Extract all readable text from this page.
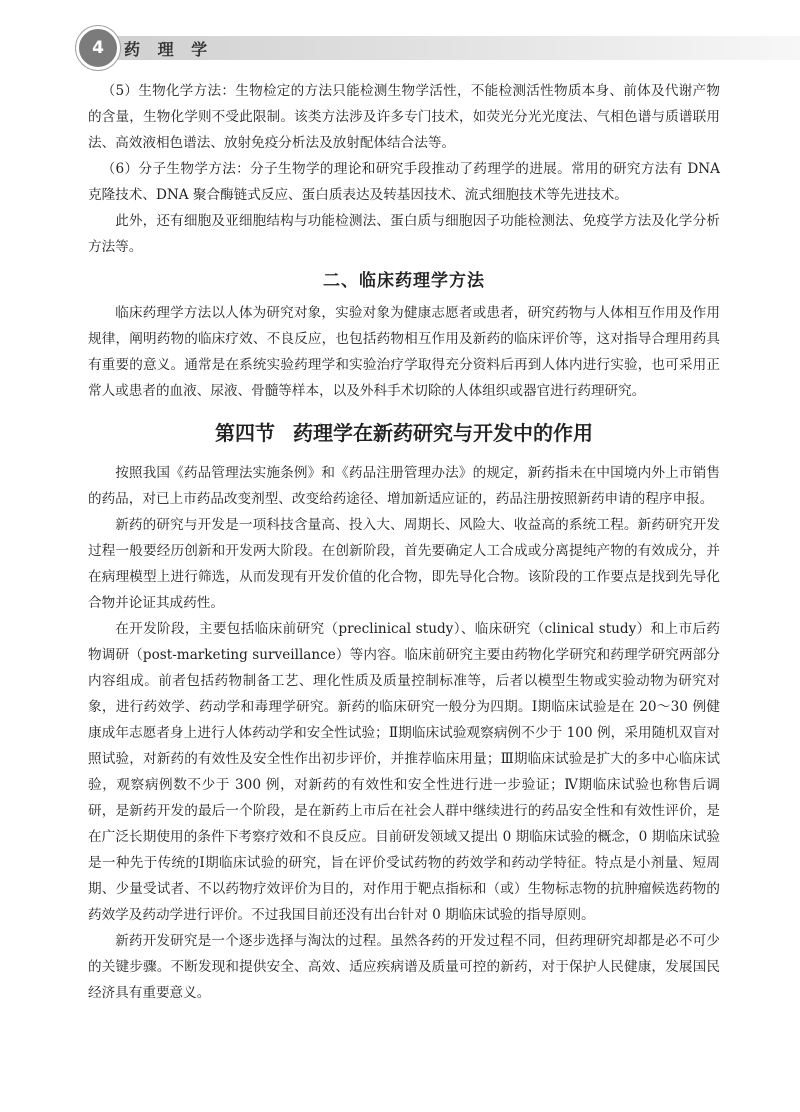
4	药 理 学

（5）生物化学方法：生物检定的方法只能检测生物学活性，不能检测活性物质本身、前体及代谢产物的含量，生物化学则不受此限制。该类方法涉及许多专门技术，如荧光分光光度法、气相色谱与质谱联用法、高效液相色谱法、放射免疫分析法及放射配体结合法等。

（6）分子生物学方法：分子生物学的理论和研究手段推动了药理学的进展。常用的研究方法有 DNA 克隆技术、DNA 聚合酶链式反应、蛋白质表达及转基因技术、流式细胞技术等先进技术。

此外，还有细胞及亚细胞结构与功能检测法、蛋白质与细胞因子功能检测法、免疫学方法及化学分析方法等。

二、临床药理学方法

临床药理学方法以人体为研究对象，实验对象为健康志愿者或患者，研究药物与人体相互作用及作用规律，阐明药物的临床疗效、不良反应，也包括药物相互作用及新药的临床评价等，这对指导合理用药具有重要的意义。通常是在系统实验药理学和实验治疗学取得充分资料后再到人体内进行实验，也可采用正常人或患者的血液、尿液、骨髓等样本，以及外科手术切除的人体组织或器官进行药理研究。

第四节 药理学在新药研究与开发中的作用

按照我国《药品管理法实施条例》和《药品注册管理办法》的规定，新药指未在中国境内外上市销售的药品，对已上市药品改变剂型、改变给药途径、增加新适应证的，药品注册按照新药申请的程序申报。

新药的研究与开发是一项科技含量高、投入大、周期长、风险大、收益高的系统工程。新药研究开发过程一般要经历创新和开发两大阶段。在创新阶段，首先要确定人工合成或分离提纯产物的有效成分，并在病理模型上进行筛选，从而发现有开发价值的化合物，即先导化合物。该阶段的工作要点是找到先导化合物并论证其成药性。

在开发阶段，主要包括临床前研究（preclinical study）、临床研究（clinical study）和上市后药物调研（post-marketing surveillance）等内容。临床前研究主要由药物化学研究和药理学研究两部分内容组成。前者包括药物制备工艺、理化性质及质量控制标准等，后者以模型生物或实验动物为研究对象，进行药效学、药动学和毒理学研究。新药的临床研究一般分为四期。Ⅰ期临床试验是在 20～30 例健康成年志愿者身上进行人体药动学和安全性试验；Ⅱ期临床试验观察病例不少于 100 例，采用随机双盲对照试验，对新药的有效性及安全性作出初步评价，并推荐临床用量；Ⅲ期临床试验是扩大的多中心临床试验，观察病例数不少于 300 例，对新药的有效性和安全性进行进一步验证；Ⅳ期临床试验也称售后调研，是新药开发的最后一个阶段，是在新药上市后在社会人群中继续进行的药品安全性和有效性评价，是在广泛长期使用的条件下考察疗效和不良反应。目前研发领域又提出 0 期临床试验的概念，0 期临床试验是一种先于传统的Ⅰ期临床试验的研究，旨在评价受试药物的药效学和药动学特征。特点是小剂量、短周期、少量受试者、不以药物疗效评价为目的，对作用于靶点指标和（或）生物标志物的抗肿瘤候选药物的药效学及药动学进行评价。不过我国目前还没有出台针对 0 期临床试验的指导原则。

新药开发研究是一个逐步选择与淘汰的过程。虽然各药的开发过程不同，但药理研究却都是必不可少的关键步骤。不断发现和提供安全、高效、适应疾病谱及质量可控的新药，对于保护人民健康，发展国民经济具有重要意义。
